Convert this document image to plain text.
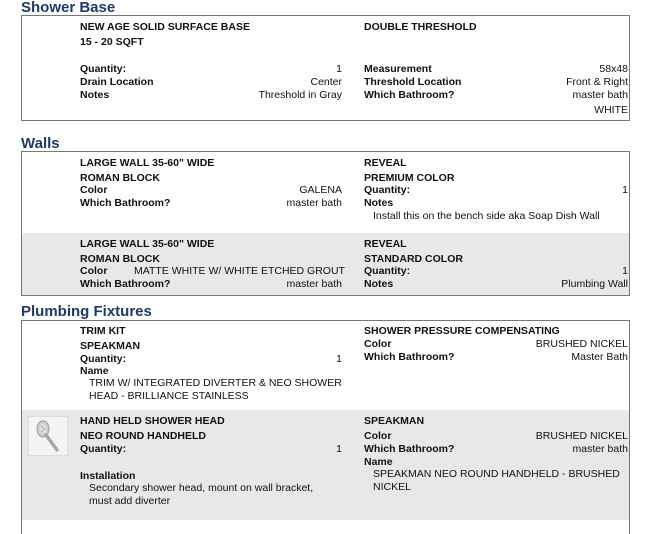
Shower Base
NEW AGE SOLID SURFACE BASE
15 - 20 SQFT
Quantity:	1
Drain Location	Center
Notes	Threshold in Gray
DOUBLE THRESHOLD
Measurement	58x48
Threshold Location	Front & Right
Which Bathroom?	master bath
WHITE
Walls
LARGE WALL 35-60" WIDE
ROMAN BLOCK
Color	GALENA
Which Bathroom?	master bath
REVEAL
PREMIUM COLOR
Quantity:	1
Notes
Install this on the bench side aka Soap Dish Wall
LARGE WALL 35-60" WIDE
ROMAN BLOCK
Color	MATTE WHITE W/ WHITE ETCHED GROUT
Which Bathroom?	master bath
REVEAL
STANDARD COLOR
Quantity:	1
Notes	Plumbing Wall
Plumbing Fixtures
TRIM KIT
SPEAKMAN
Quantity:	1
Name
TRIM W/ INTEGRATED DIVERTER & NEO SHOWER
HEAD - BRILLIANCE STAINLESS
SHOWER PRESSURE COMPENSATING
Color	BRUSHED NICKEL
Which Bathroom?	Master Bath
HAND HELD SHOWER HEAD
NEO ROUND HANDHELD
Quantity:	1
Installation
Secondary shower head, mount on wall bracket,
must add diverter
SPEAKMAN
Color	BRUSHED NICKEL
Which Bathroom?	master bath
Name
SPEAKMAN NEO ROUND HANDHELD - BRUSHED
NICKEL
